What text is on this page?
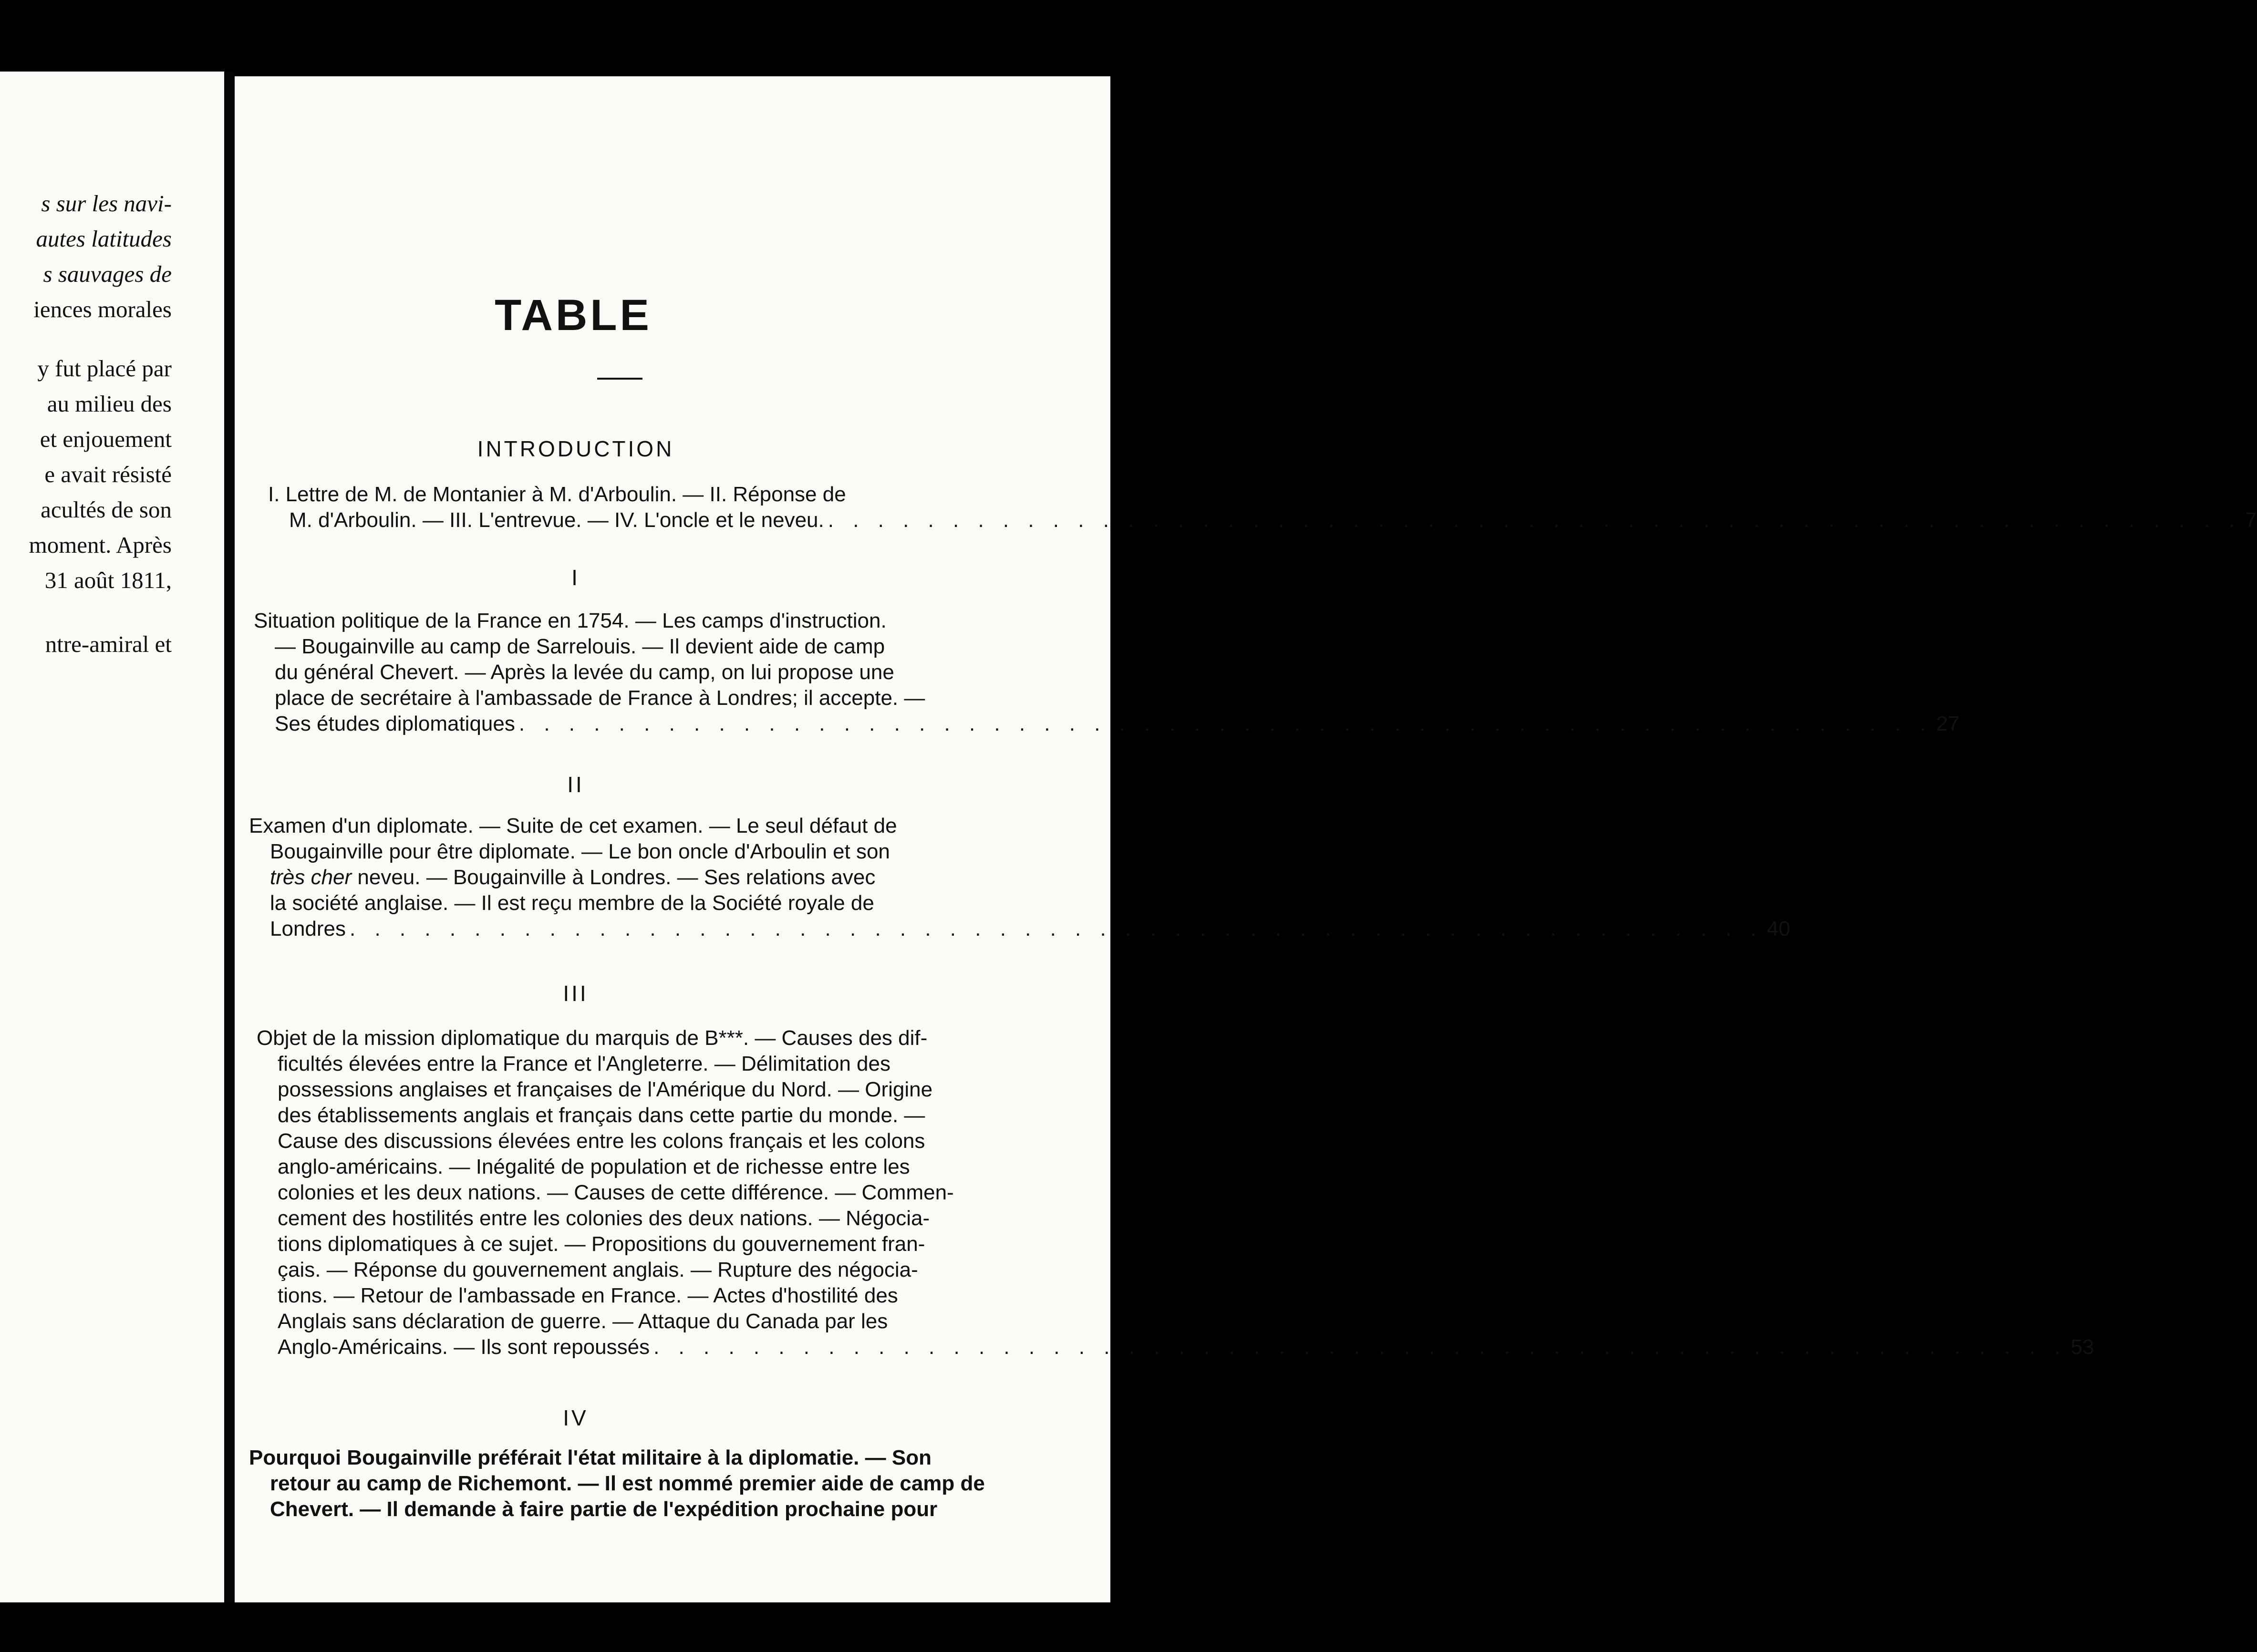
s sur les navi-
autes latitudes
s sauvages de
iences morales
y fut placé par
au milieu des
et enjouement
e avait résisté
acultés de son
moment. Après
31 août 1811,
ntre-amiral et
TABLE
INTRODUCTION
I. Lettre de M. de Montanier à M. d'Arboulin. — II. Réponse de
M. d'Arboulin. — III. L'entrevue. — IV. L'oncle et le neveu. . . . . . . . . . . . . . . . . . . . . . . . . . . . . . . . . . . . . . . . . . . . . . . . . . . . . . . . . . 7
I
Situation politique de la France en 1754. — Les camps d'instruction.
— Bougainville au camp de Sarrelouis. — Il devient aide de camp
du général Chevert. — Après la levée du camp, on lui propose une
place de secrétaire à l'ambassade de France à Londres; il accepte. —
Ses études diplomatiques . . . . . . . . . . . . . . . . . . . . . . . . . . . . . . . . . . . . . . . . . . . . . . . . . . . . . . . . . 27
II
Examen d'un diplomate. — Suite de cet examen. — Le seul défaut de
Bougainville pour être diplomate. — Le bon oncle d'Arboulin et son
très cher neveu. — Bougainville à Londres. — Ses relations avec
la société anglaise. — Il est reçu membre de la Société royale de
Londres . . . . . . . . . . . . . . . . . . . . . . . . . . . . . . . . . . . . . . . . . . . . . . . . . . . . . . . . . 40
III
Objet de la mission diplomatique du marquis de B***. — Causes des dif-
ficultés élevées entre la France et l'Angleterre. — Délimitation des
possessions anglaises et françaises de l'Amérique du Nord. — Origine
des établissements anglais et français dans cette partie du monde. —
Cause des discussions élevées entre les colons français et les colons
anglo-américains. — Inégalité de population et de richesse entre les
colonies et les deux nations. — Causes de cette différence. — Commen-
cement des hostilités entre les colonies des deux nations. — Négocia-
tions diplomatiques à ce sujet. — Propositions du gouvernement fran-
çais. — Réponse du gouvernement anglais. — Rupture des négocia-
tions. — Retour de l'ambassade en France. — Actes d'hostilité des
Anglais sans déclaration de guerre. — Attaque du Canada par les
Anglo-Américains. — Ils sont repoussés . . . . . . . . . . . . . . . . . . . . . . . . . . . . . . . . . . . . . . . . . . . . . . . . . . . . . . . . . 53
IV
Pourquoi Bougainville préférait l'état militaire à la diplomatie. — Son
retour au camp de Richemont. — Il est nommé premier aide de camp de
Chevert. — Il demande à faire partie de l'expédition prochaine pour
